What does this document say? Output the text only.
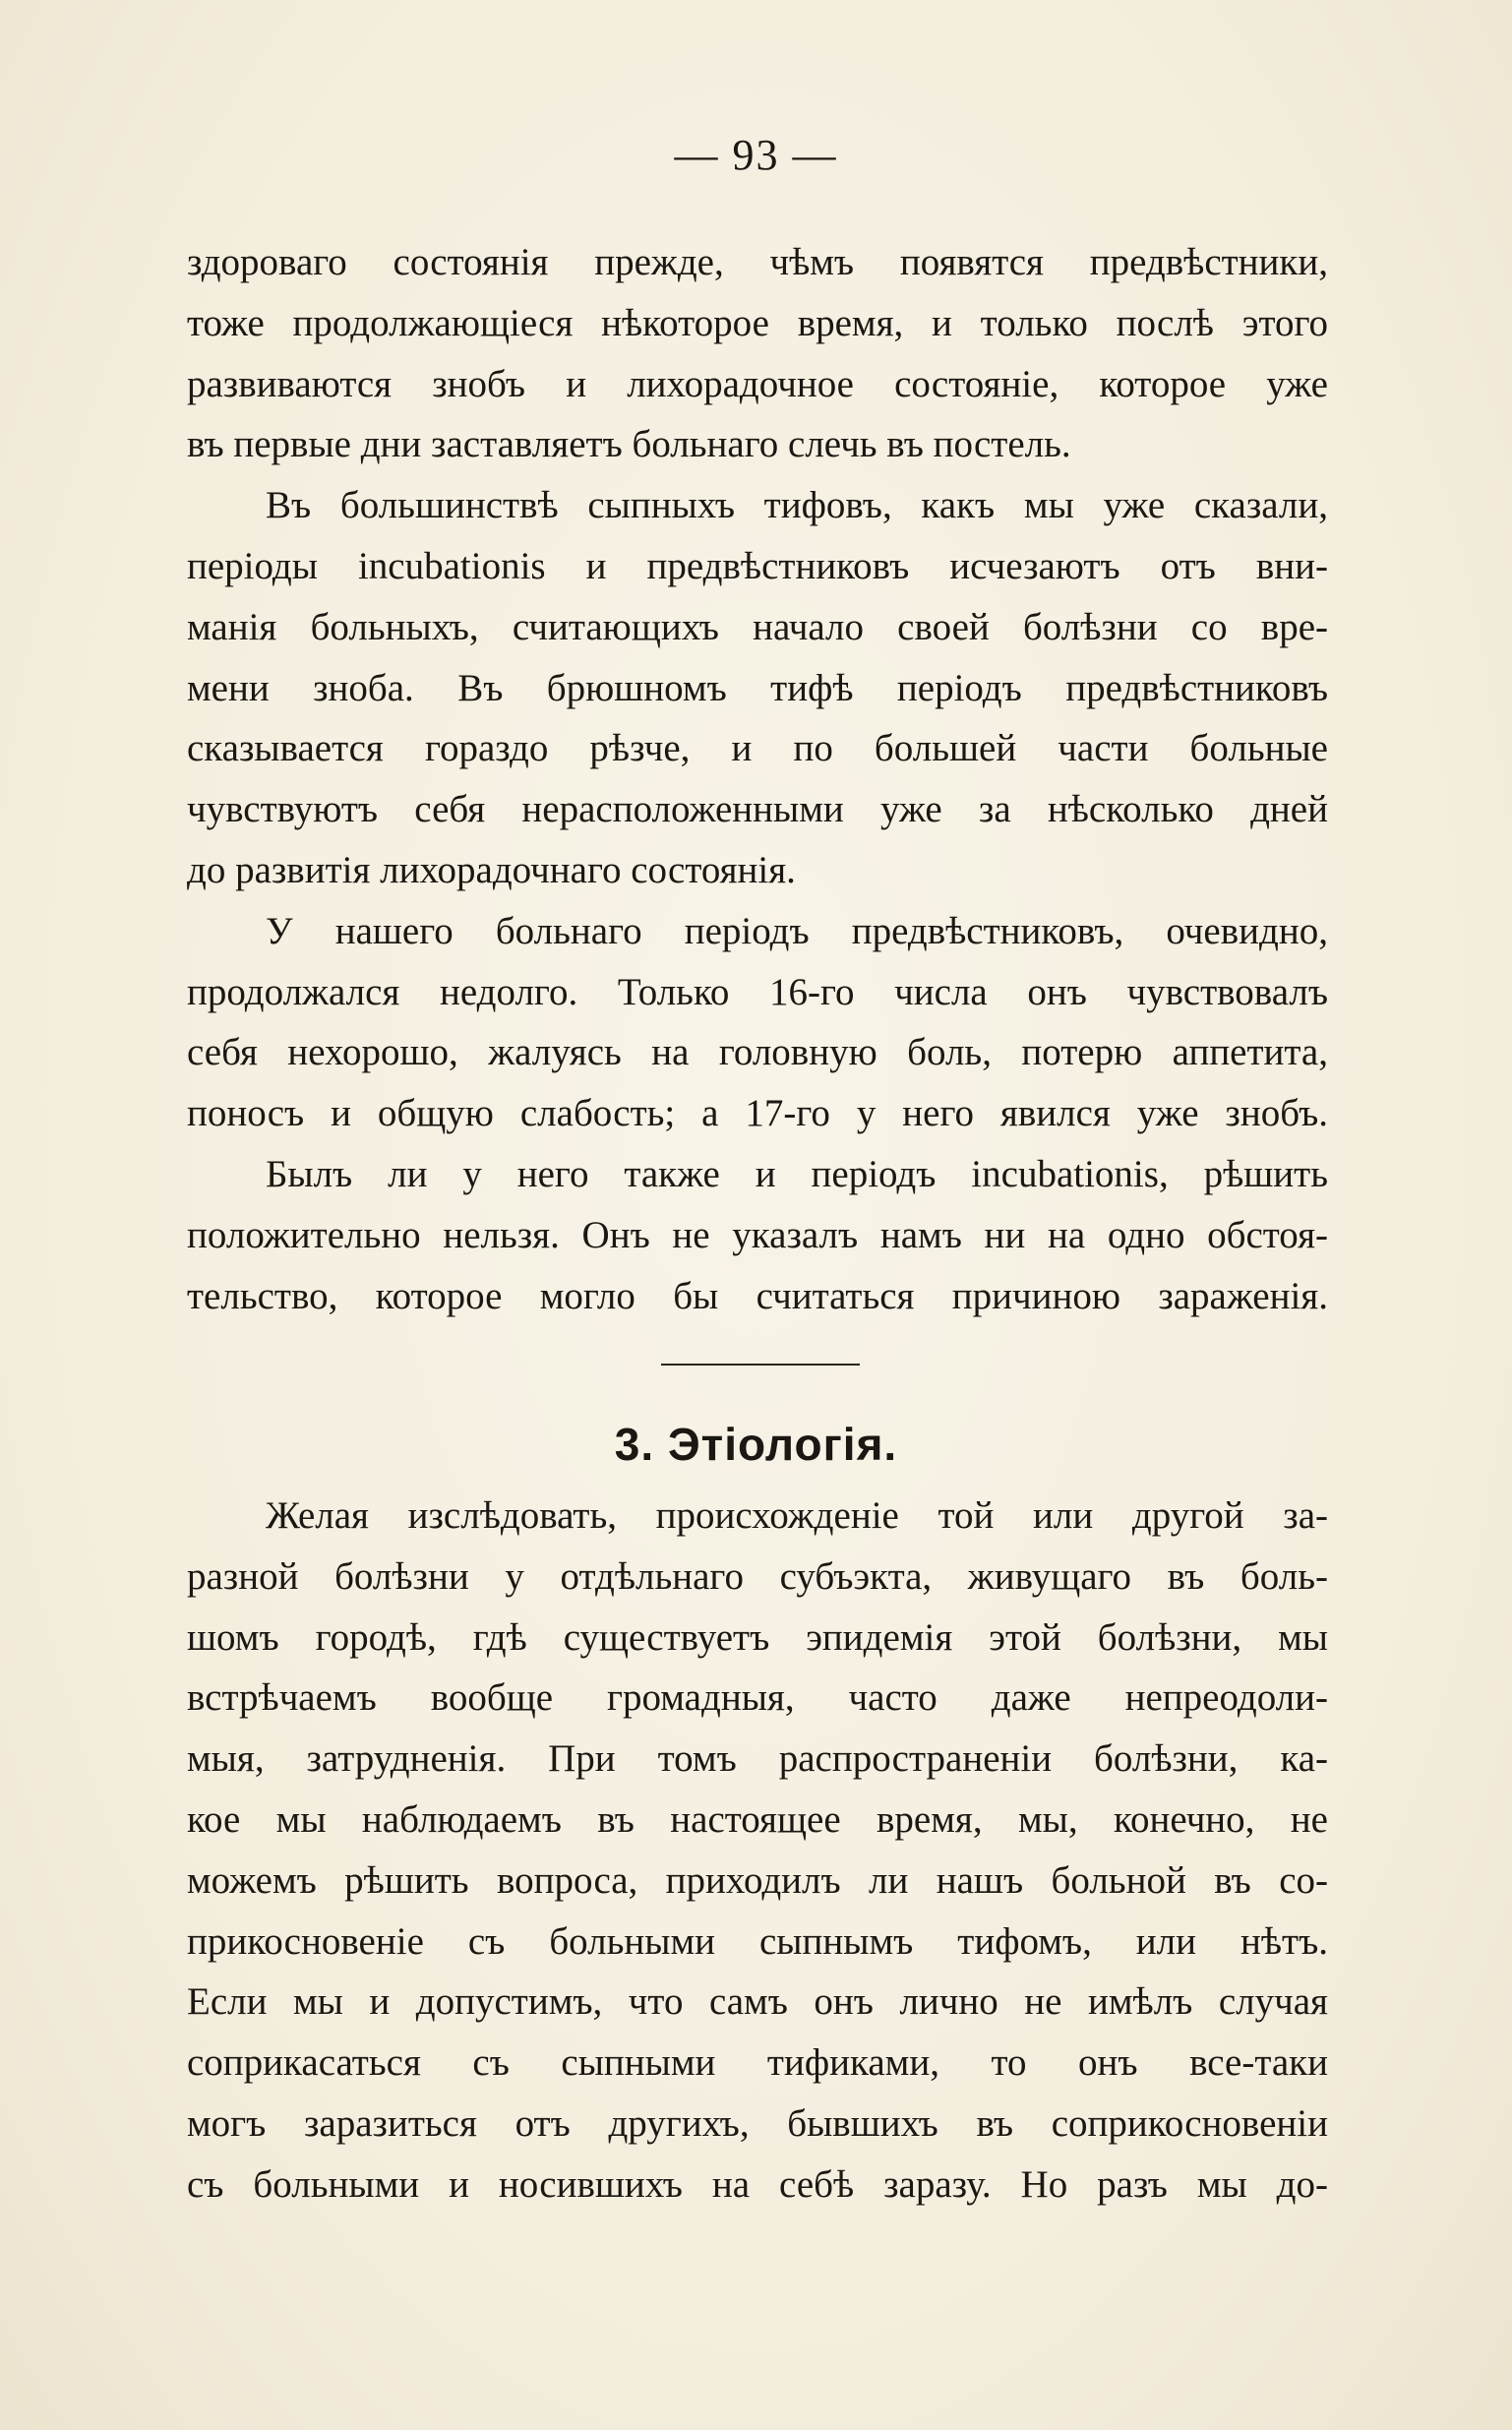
— 93 —
здороваго состоянія прежде, чѣмъ появятся предвѣстники,
тоже продолжающіеся нѣкоторое время, и только послѣ этого
развиваются знобъ и лихорадочное состояніе, которое уже
въ первые дни заставляетъ больнаго слечь въ постель.
Въ большинствѣ сыпныхъ тифовъ, какъ мы уже сказали,
періоды incubationis и предвѣстниковъ исчезаютъ отъ вни-
манія больныхъ, считающихъ начало своей болѣзни со вре-
мени зноба. Въ брюшномъ тифѣ періодъ предвѣстниковъ
сказывается гораздо рѣзче, и по большей части больные
чувствуютъ себя нерасположенными уже за нѣсколько дней
до развитія лихорадочнаго состоянія.
У нашего больнаго періодъ предвѣстниковъ, очевидно,
продолжался недолго. Только 16-го числа онъ чувствовалъ
себя нехорошо, жалуясь на головную боль, потерю аппетита,
поносъ и общую слабость; а 17-го у него явился уже знобъ.
Былъ ли у него также и періодъ incubationis, рѣшить
положительно нельзя. Онъ не указалъ намъ ни на одно обстоя-
тельство, которое могло бы считаться причиною зараженія.
3. Этіологія.
Желая изслѣдовать, происхожденіе той или другой за-
разной болѣзни у отдѣльнаго субъэкта, живущаго въ боль-
шомъ городѣ, гдѣ существуетъ эпидемія этой болѣзни, мы
встрѣчаемъ вообще громадныя, часто даже непреодоли-
мыя, затрудненія. При томъ распространеніи болѣзни, ка-
кое мы наблюдаемъ въ настоящее время, мы, конечно, не
можемъ рѣшить вопроса, приходилъ ли нашъ больной въ со-
прикосновеніе съ больными сыпнымъ тифомъ, или нѣтъ.
Если мы и допустимъ, что самъ онъ лично не имѣлъ случая
соприкасаться съ сыпными тификами, то онъ все-таки
могъ заразиться отъ другихъ, бывшихъ въ соприкосновеніи
съ больными и носившихъ на себѣ заразу. Но разъ мы до-
